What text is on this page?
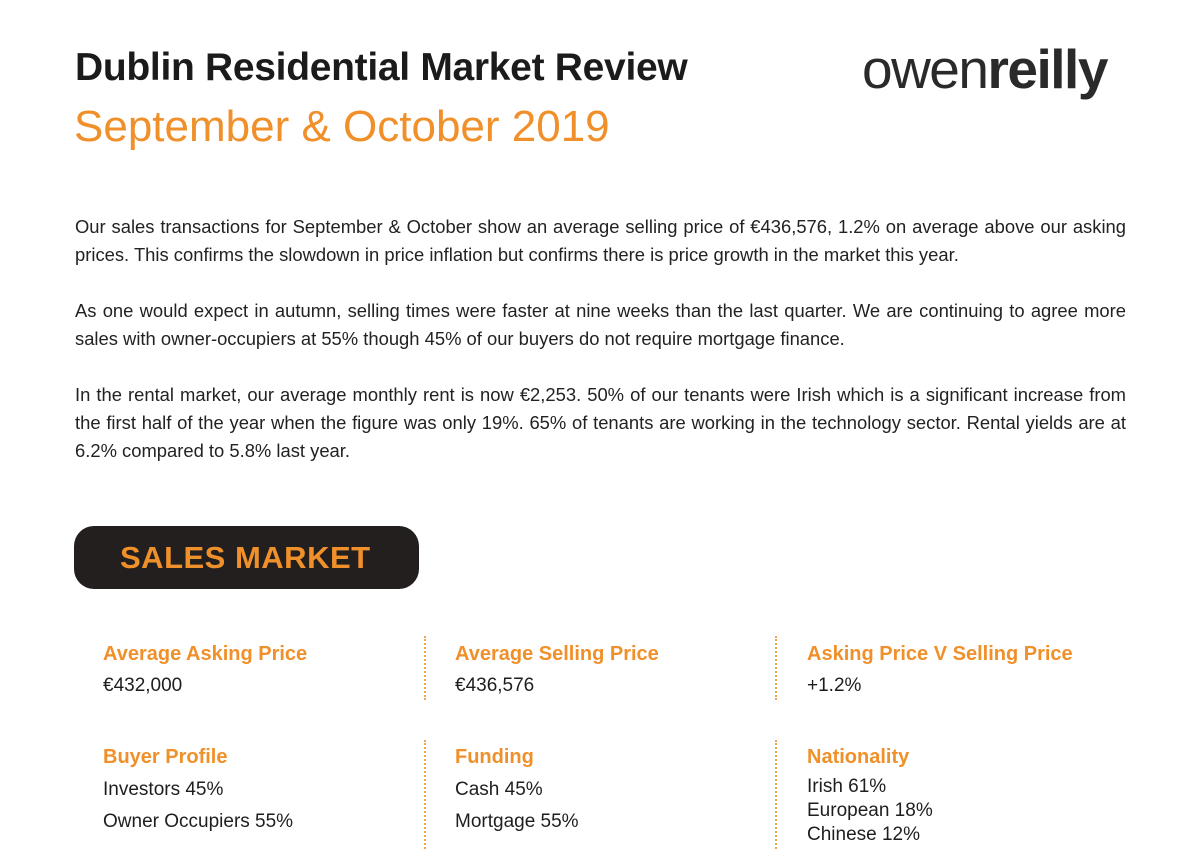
Dublin Residential Market Review
September & October 2019
owenreilly

Our sales transactions for September & October show an average selling price of €436,576, 1.2% on average above our asking prices. This confirms the slowdown in price inflation but confirms there is price growth in the market this year.

As one would expect in autumn, selling times were faster at nine weeks than the last quarter. We are continuing to agree more sales with owner-occupiers at 55% though 45% of our buyers do not require mortgage finance.

In the rental market, our average monthly rent is now €2,253. 50% of our tenants were Irish which is a significant increase from the first half of the year when the figure was only 19%. 65% of tenants are working in the technology sector. Rental yields are at 6.2% compared to 5.8% last year.

SALES MARKET
Average Asking Price
€432,000
Average Selling Price
€436,576
Asking Price V Selling Price
+1.2%
Buyer Profile
Investors 45%
Owner Occupiers 55%
Funding
Cash 45%
Mortgage 55%
Nationality
Irish 61%
European 18%
Chinese 12%
